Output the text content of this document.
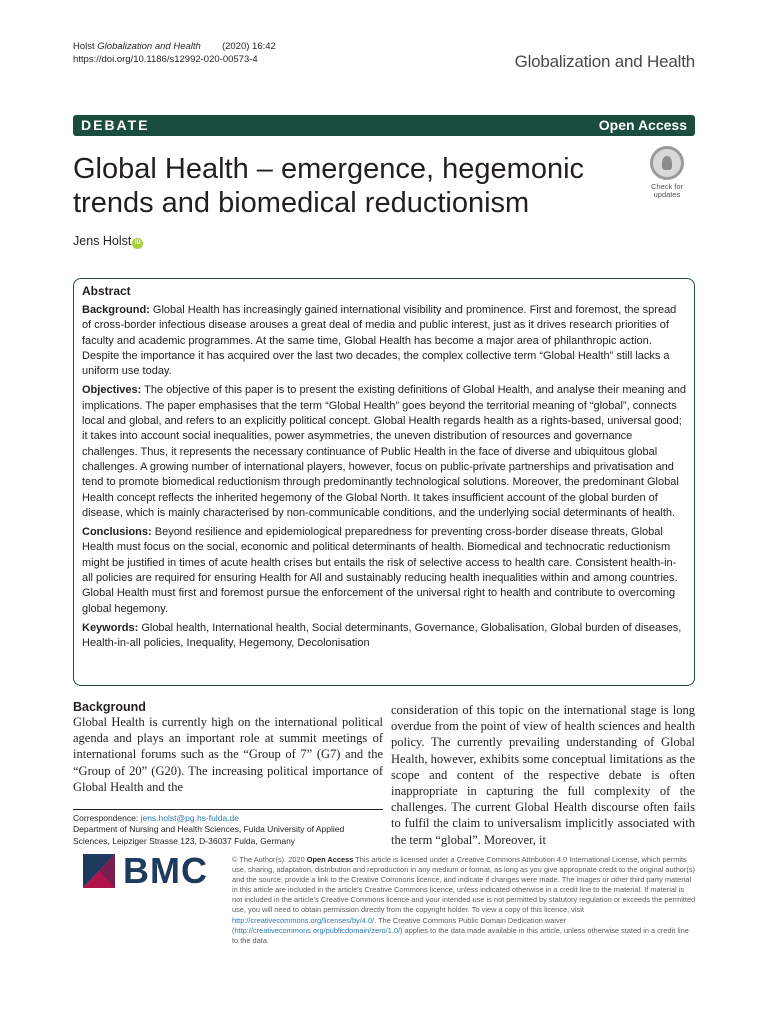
Holst Globalization and Health (2020) 16:42
https://doi.org/10.1186/s12992-020-00573-4	Globalization and Health
DEBATE	Open Access
Global Health – emergence, hegemonic trends and biomedical reductionism
Jens Holst iD
Check for
updates
Abstract

Background: Global Health has increasingly gained international visibility and prominence. First and foremost, the spread of cross-border infectious disease arouses a great deal of media and public interest, just as it drives research priorities of faculty and academic programmes. At the same time, Global Health has become a major area of philanthropic action. Despite the importance it has acquired over the last two decades, the complex collective term “Global Health” still lacks a uniform use today.

Objectives: The objective of this paper is to present the existing definitions of Global Health, and analyse their meaning and implications. The paper emphasises that the term “Global Health” goes beyond the territorial meaning of “global”, connects local and global, and refers to an explicitly political concept. Global Health regards health as a rights-based, universal good; it takes into account social inequalities, power asymmetries, the uneven distribution of resources and governance challenges. Thus, it represents the necessary continuance of Public Health in the face of diverse and ubiquitous global challenges. A growing number of international players, however, focus on public-private partnerships and privatisation and tend to promote biomedical reductionism through predominantly technological solutions. Moreover, the predominant Global Health concept reflects the inherited hegemony of the Global North. It takes insufficient account of the global burden of disease, which is mainly characterised by non-communicable conditions, and the underlying social determinants of health.

Conclusions: Beyond resilience and epidemiological preparedness for preventing cross-border disease threats, Global Health must focus on the social, economic and political determinants of health. Biomedical and technocratic reductionism might be justified in times of acute health crises but entails the risk of selective access to health care. Consistent health-in-all policies are required for ensuring Health for All and sustainably reducing health inequalities within and among countries. Global Health must first and foremost pursue the enforcement of the universal right to health and contribute to overcoming global hegemony.

Keywords: Global health, International health, Social determinants, Governance, Globalisation, Global burden of diseases, Health-in-all policies, Inequality, Hegemony, Decolonisation

Background
Global Health is currently high on the international political agenda and plays an important role at summit meetings of international forums such as the “Group of 7” (G7) and the “Group of 20” (G20). The increasing political importance of Global Health and the
consideration of this topic on the international stage is long overdue from the point of view of health sciences and health policy. The currently prevailing understanding of Global Health, however, exhibits some conceptual limitations as the scope and content of the respective debate is often inappropriate in capturing the full complexity of the challenges. The current Global Health discourse often fails to fulfil the claim to universalism implicitly associated with the term “global”. Moreover, it
Correspondence: jens.holst@pg.hs-fulda.de
Department of Nursing and Health Sciences, Fulda University of Applied Sciences, Leipziger Strasse 123, D-36037 Fulda, Germany
BMC	© The Author(s). 2020 Open Access This article is licensed under a Creative Commons Attribution 4.0 International License, which permits use, sharing, adaptation, distribution and reproduction in any medium or format, as long as you give appropriate credit to the original author(s) and the source, provide a link to the Creative Commons licence, and indicate if changes were made. The images or other third party material in this article are included in the article's Creative Commons licence, unless indicated otherwise in a credit line to the material. If material is not included in the article's Creative Commons licence and your intended use is not permitted by statutory regulation or exceeds the permitted use, you will need to obtain permission directly from the copyright holder. To view a copy of this licence, visit http://creativecommons.org/licenses/by/4.0/. The Creative Commons Public Domain Dedication waiver (http://creativecommons.org/publicdomain/zero/1.0/) applies to the data made available in this article, unless otherwise stated in a credit line to the data.
